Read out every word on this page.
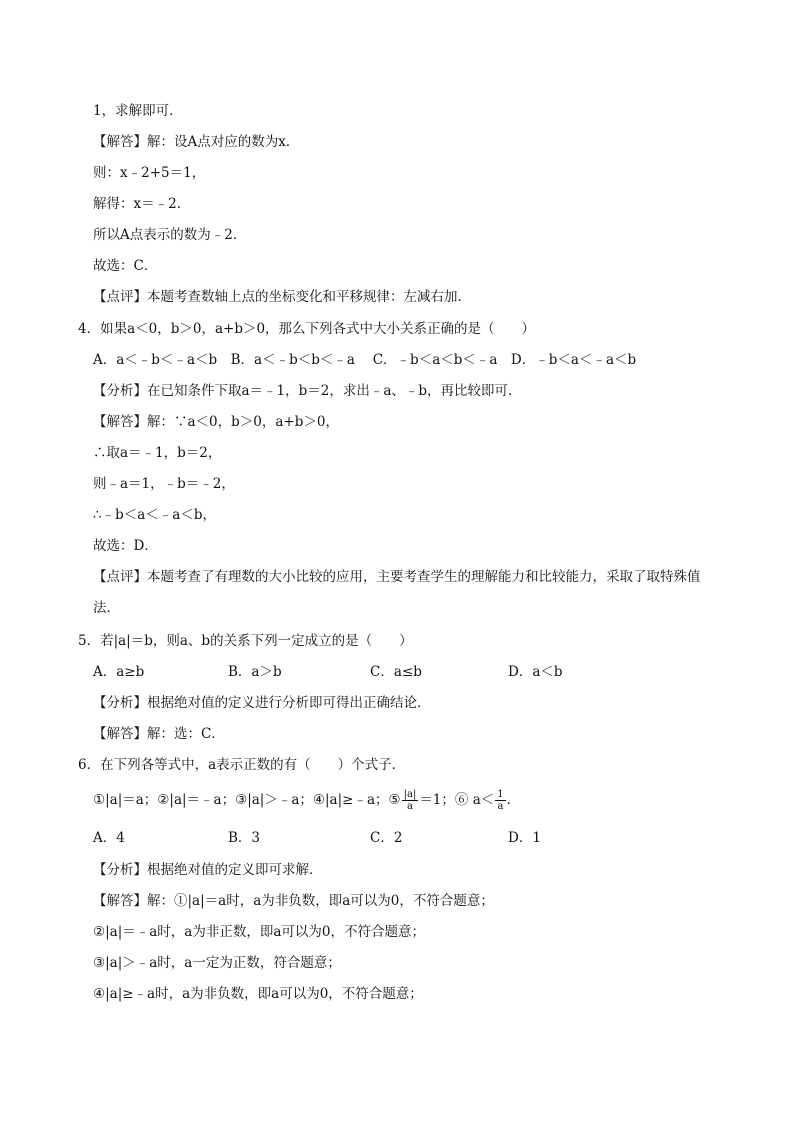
1，求解即可．
【解答】解：设A点对应的数为x．
则：x﹣2+5＝1，
解得：x＝﹣2．
所以A点表示的数为﹣2．
故选：C．
【点评】本题考查数轴上点的坐标变化和平移规律：左减右加．
4．如果a＜0，b＞0，a+b＞0，那么下列各式中大小关系正确的是（　　）
A．a＜﹣b＜﹣a＜b　B．a＜﹣b＜b＜﹣a　 C．﹣b＜a＜b＜﹣a　D．﹣b＜a＜﹣a＜b
【分析】在已知条件下取a＝﹣1，b＝2，求出﹣a、﹣b，再比较即可．
【解答】解：∵a＜0，b＞0，a+b＞0，
∴取a＝﹣1，b＝2，
则﹣a＝1，﹣b＝﹣2，
∴﹣b＜a＜﹣a＜b，
故选：D．
【点评】本题考查了有理数的大小比较的应用，主要考查学生的理解能力和比较能力，采取了取特殊值
法．
5．若|a|＝b，则a、b的关系下列一定成立的是（　　）
A．a≥b	B．a＞b	C．a≤b	D．a＜b
【分析】根据绝对值的定义进行分析即可得出正确结论．
【解答】解：选：C．
6．在下列各等式中，a表示正数的有（　　）个式子．
①|a|＝a；②|a|＝﹣a；③|a|＞﹣a；④|a|≥﹣a；⑤ $\frac{|a|}{a} =1$；⑥ $a< \frac{1}{a}$ ．
A．4	B．3	C．2	D．1
【分析】根据绝对值的定义即可求解．
【解答】解：①|a|＝a时，a为非负数，即a可以为0，不符合题意；
②|a|＝﹣a时，a为非正数，即a可以为0，不符合题意；
③|a|＞﹣a时，a一定为正数，符合题意；
④|a|≥﹣a时，a为非负数，即a可以为0，不符合题意；
